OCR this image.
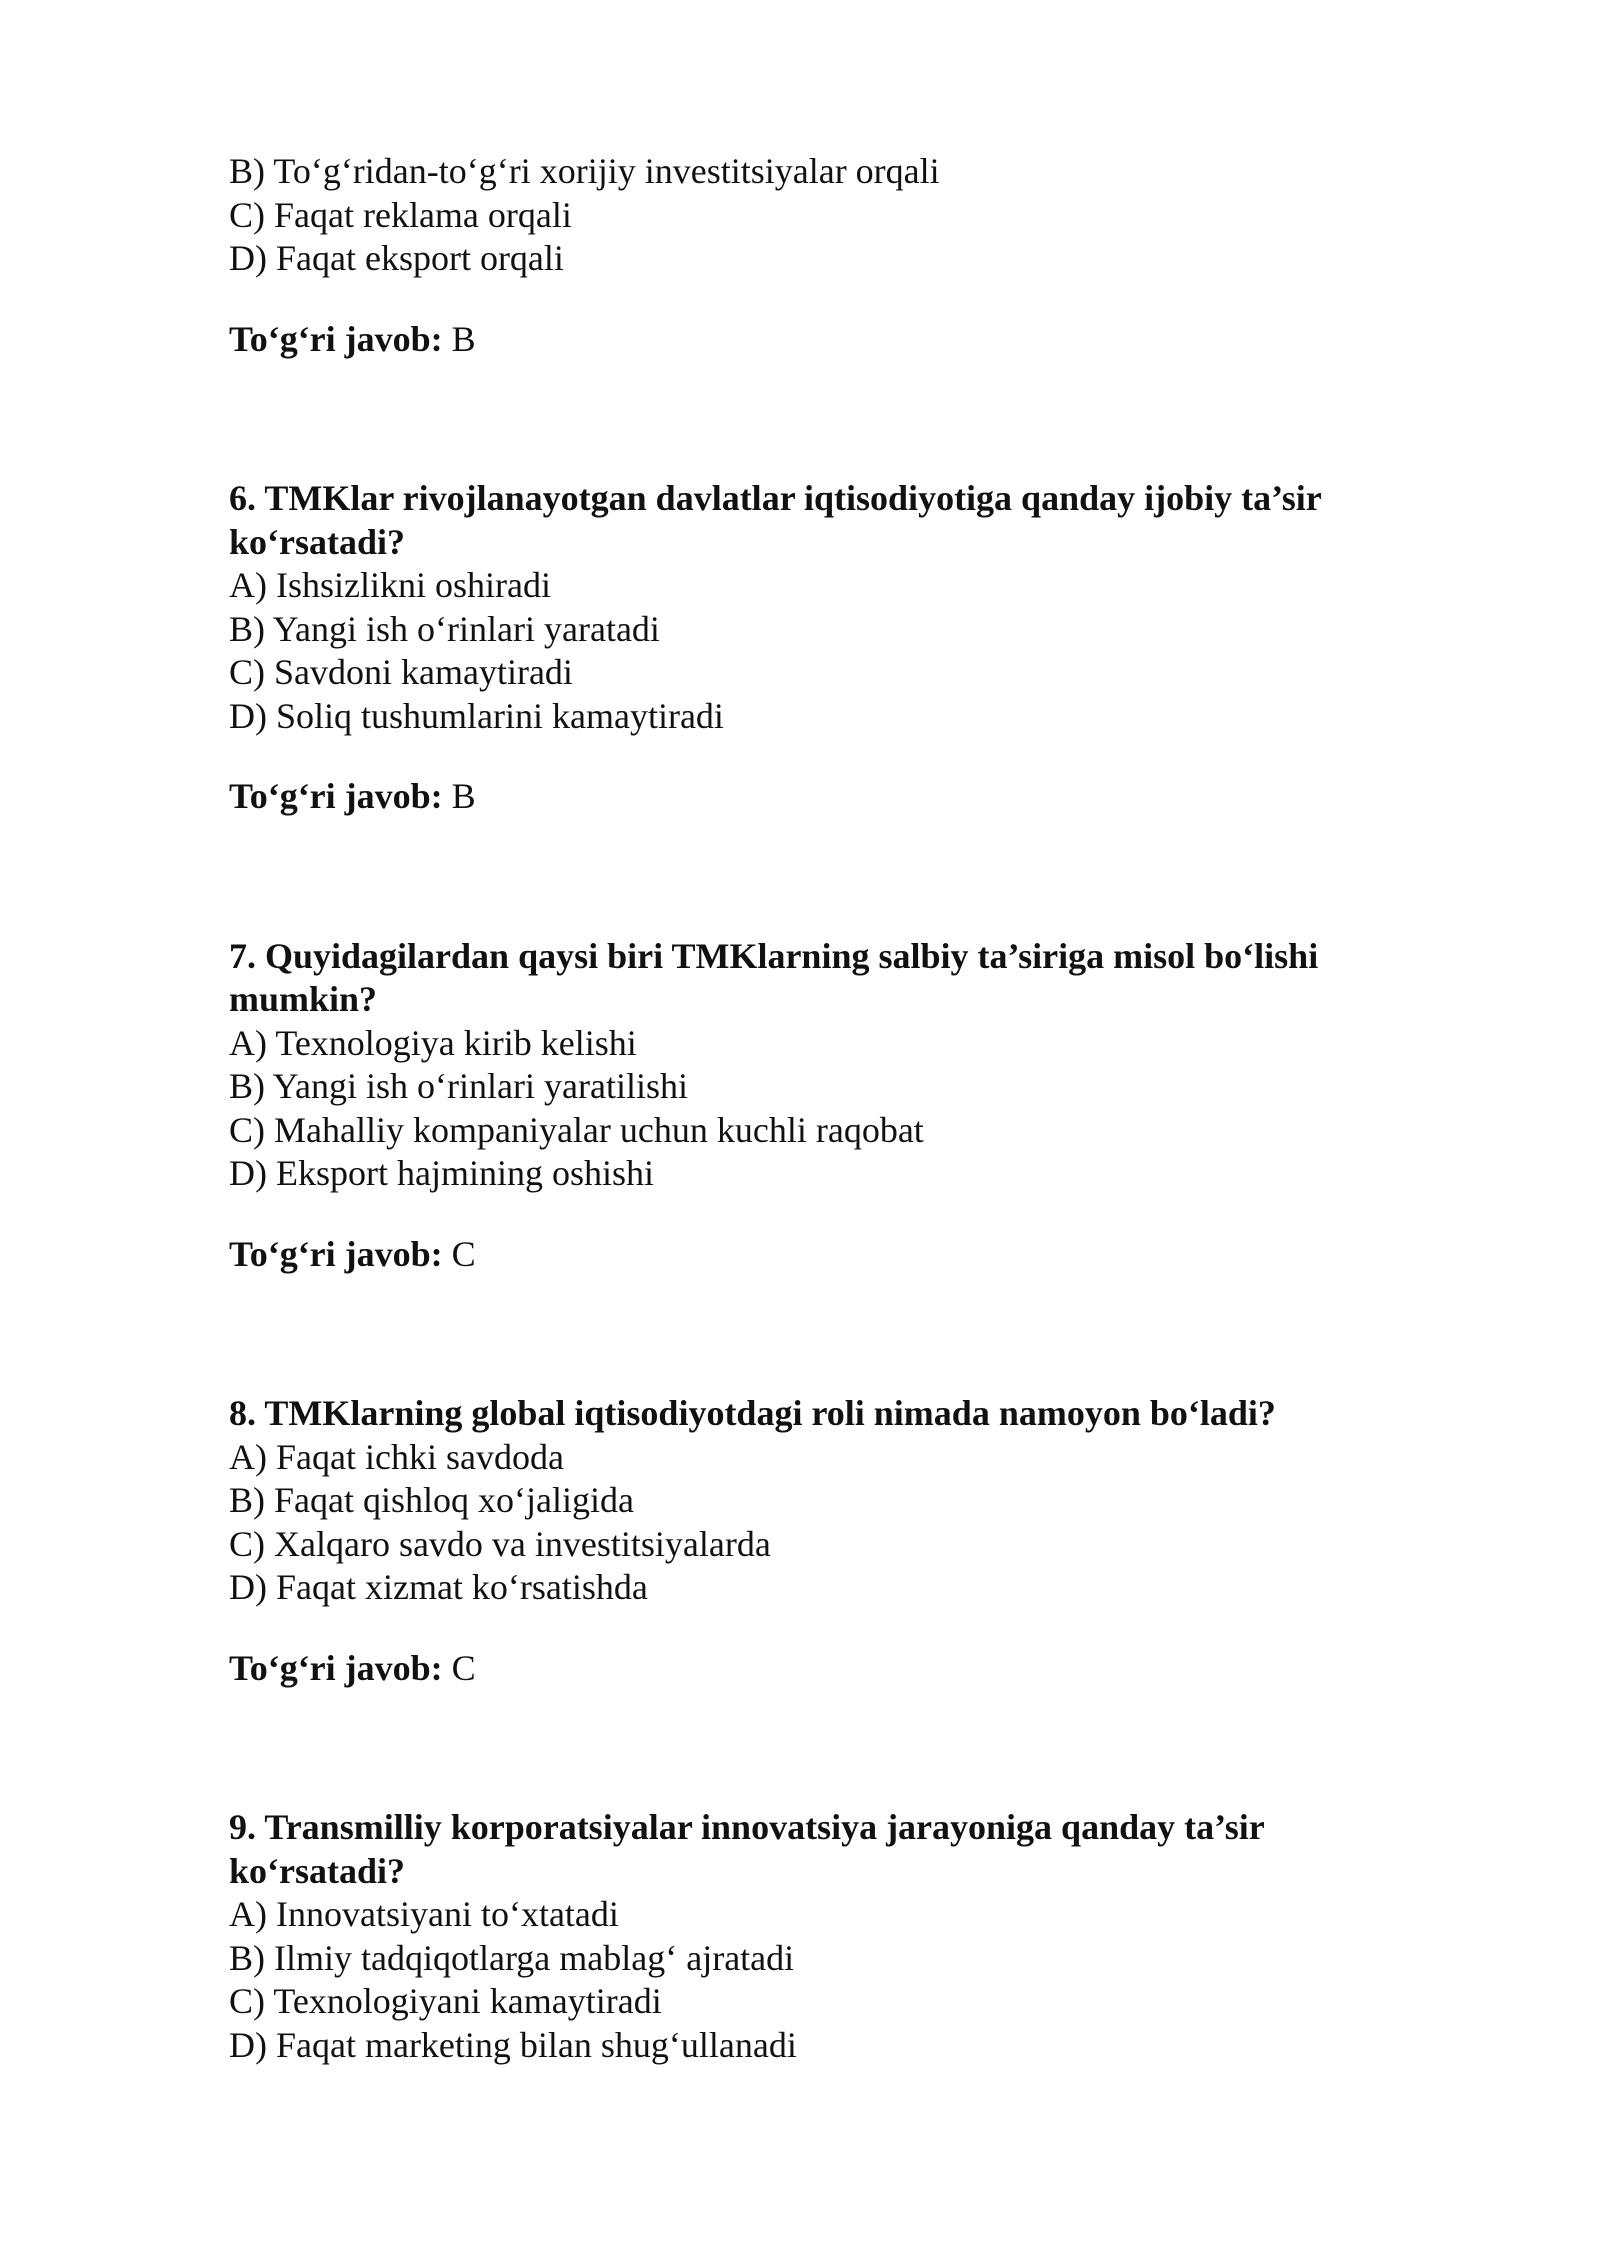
B) To‘g‘ridan-to‘g‘ri xorijiy investitsiyalar orqali
C) Faqat reklama orqali
D) Faqat eksport orqali
To‘g‘ri javob: B
6. TMKlar rivojlanayotgan davlatlar iqtisodiyotiga qanday ijobiy ta’sir
ko‘rsatadi?
A) Ishsizlikni oshiradi
B) Yangi ish o‘rinlari yaratadi
C) Savdoni kamaytiradi
D) Soliq tushumlarini kamaytiradi
To‘g‘ri javob: B
7. Quyidagilardan qaysi biri TMKlarning salbiy ta’siriga misol bo‘lishi
mumkin?
A) Texnologiya kirib kelishi
B) Yangi ish o‘rinlari yaratilishi
C) Mahalliy kompaniyalar uchun kuchli raqobat
D) Eksport hajmining oshishi
To‘g‘ri javob: C
8. TMKlarning global iqtisodiyotdagi roli nimada namoyon bo‘ladi?
A) Faqat ichki savdoda
B) Faqat qishloq xo‘jaligida
C) Xalqaro savdo va investitsiyalarda
D) Faqat xizmat ko‘rsatishda
To‘g‘ri javob: C
9. Transmilliy korporatsiyalar innovatsiya jarayoniga qanday ta’sir
ko‘rsatadi?
A) Innovatsiyani to‘xtatadi
B) Ilmiy tadqiqotlarga mablag‘ ajratadi
C) Texnologiyani kamaytiradi
D) Faqat marketing bilan shug‘ullanadi
